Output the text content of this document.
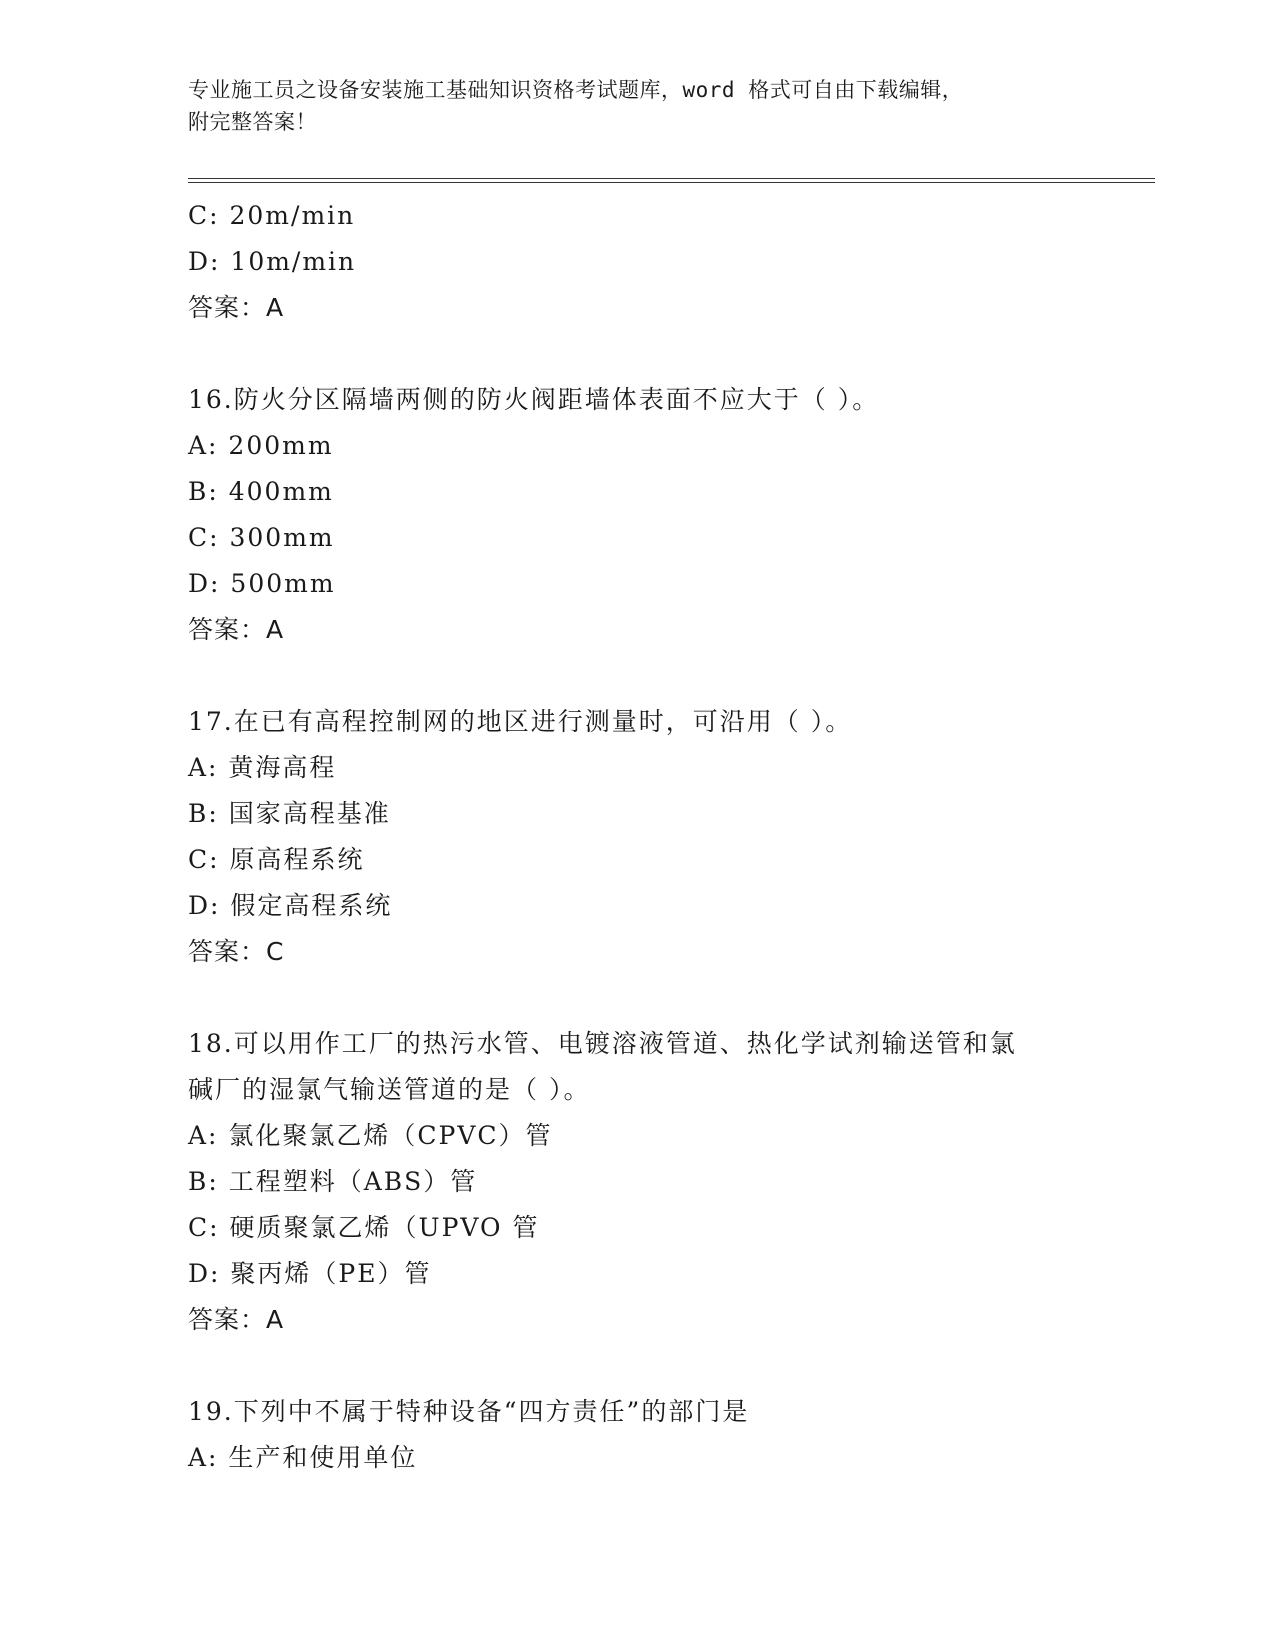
专业施工员之设备安装施工基础知识资格考试题库，word 格式可自由下载编辑，
附完整答案！
C: 20m/min
D: 10m/min
答案：A
16.防火分区隔墙两侧的防火阀距墙体表面不应大于（ ）。
A: 200mm
B: 400mm
C: 300mm
D: 500mm
答案：A
17.在已有高程控制网的地区进行测量时，可沿用（ ）。
A: 黄海高程
B: 国家高程基准
C: 原高程系统
D: 假定高程系统
答案：C
18.可以用作工厂的热污水管、电镀溶液管道、热化学试剂输送管和氯
碱厂的湿氯气输送管道的是（ ）。
A: 氯化聚氯乙烯（CPVC）管
B: 工程塑料（ABS）管
C: 硬质聚氯乙烯（UPVO 管
D: 聚丙烯（PE）管
答案：A
19.下列中不属于特种设备“四方责任”的部门是
A: 生产和使用单位
